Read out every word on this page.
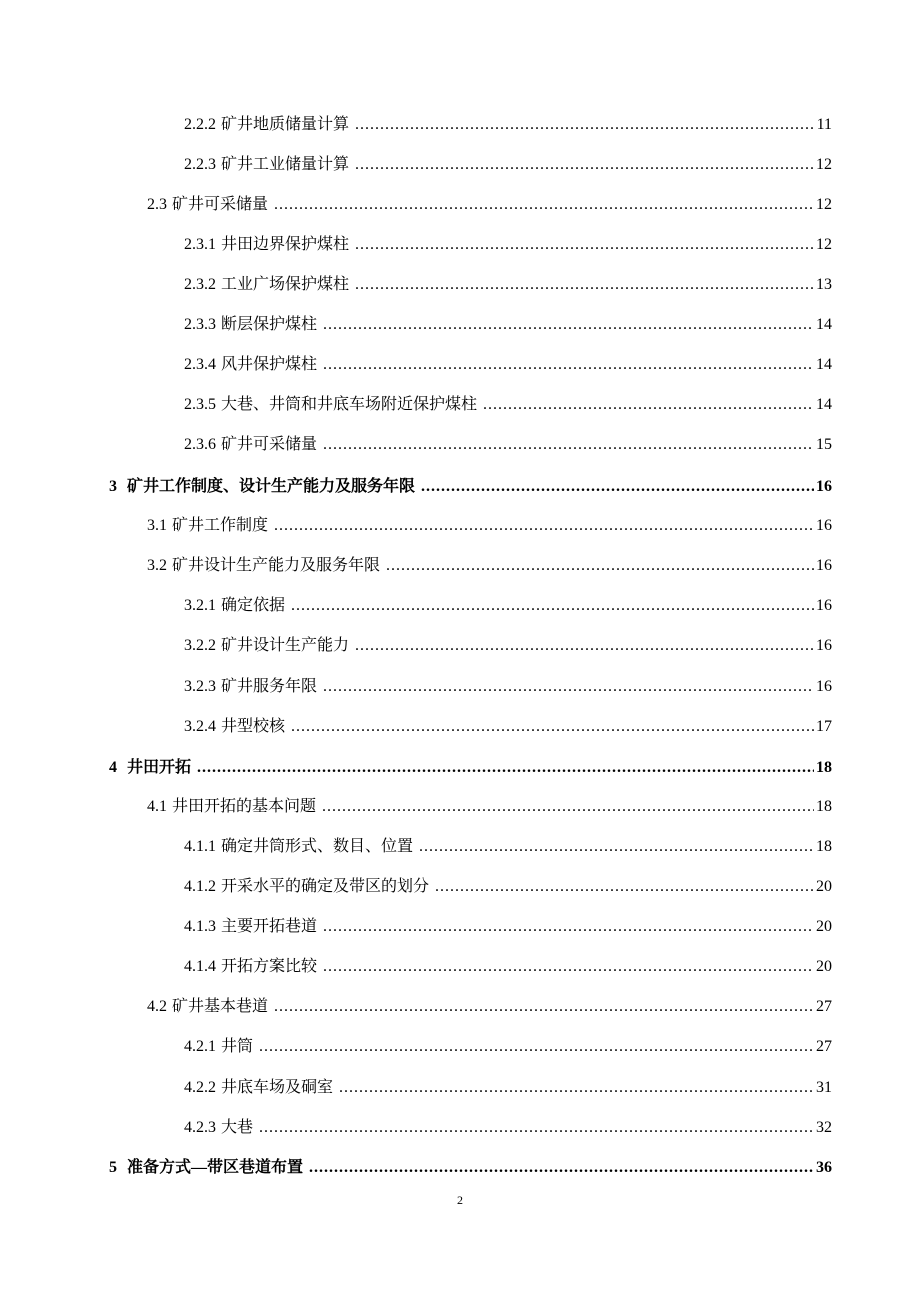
2.2.2 矿井地质储量计算 .....	11
2.2.3 矿井工业储量计算 .....	12
2.3 矿井可采储量 .....	12
2.3.1 井田边界保护煤柱 .....	12
2.3.2 工业广场保护煤柱 .....	13
2.3.3 断层保护煤柱 .....	14
2.3.4 风井保护煤柱 .....	14
2.3.5 大巷、井筒和井底车场附近保护煤柱 .....	14
2.3.6 矿井可采储量 .....	15
3 矿井工作制度、设计生产能力及服务年限 .....	16
3.1 矿井工作制度 .....	16
3.2 矿井设计生产能力及服务年限 .....	16
3.2.1 确定依据 .....	16
3.2.2 矿井设计生产能力 .....	16
3.2.3 矿井服务年限 .....	16
3.2.4 井型校核 .....	17
4 井田开拓 .....	18
4.1 井田开拓的基本问题 .....	18
4.1.1 确定井筒形式、数目、位置 .....	18
4.1.2 开采水平的确定及带区的划分 .....	20
4.1.3 主要开拓巷道 .....	20
4.1.4 开拓方案比较 .....	20
4.2 矿井基本巷道 .....	27
4.2.1 井筒 .....	27
4.2.2 井底车场及硐室 .....	31
4.2.3 大巷 .....	32
5 准备方式—带区巷道布置 .....	36
2
